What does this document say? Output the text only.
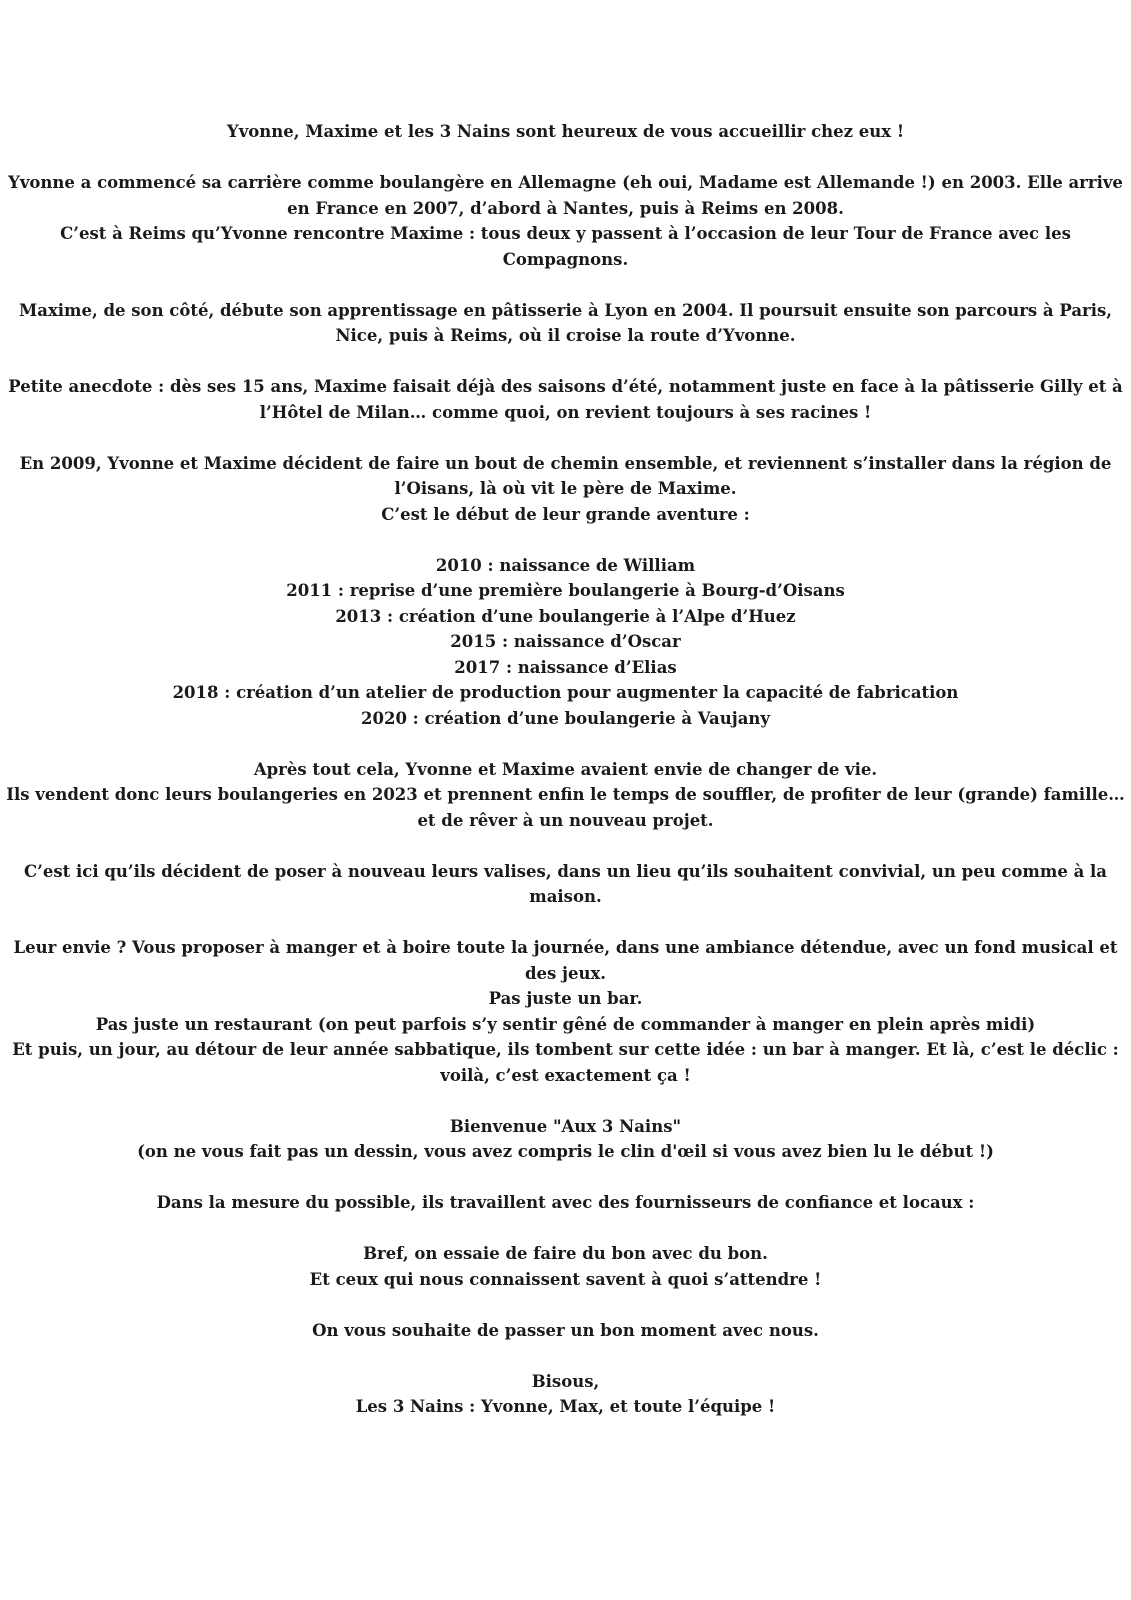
Yvonne, Maxime et les 3 Nains sont heureux de vous accueillir chez eux !

Yvonne a commencé sa carrière comme boulangère en Allemagne (eh oui, Madame est Allemande !) en 2003. Elle arrive en France en 2007, d’abord à Nantes, puis à Reims en 2008.
C’est à Reims qu’Yvonne rencontre Maxime : tous deux y passent à l’occasion de leur Tour de France avec les Compagnons.

Maxime, de son côté, débute son apprentissage en pâtisserie à Lyon en 2004. Il poursuit ensuite son parcours à Paris, Nice, puis à Reims, où il croise la route d’Yvonne.

Petite anecdote : dès ses 15 ans, Maxime faisait déjà des saisons d’été, notamment juste en face à la pâtisserie Gilly et à l’Hôtel de Milan… comme quoi, on revient toujours à ses racines !

En 2009, Yvonne et Maxime décident de faire un bout de chemin ensemble, et reviennent s’installer dans la région de l’Oisans, là où vit le père de Maxime.
C’est le début de leur grande aventure :

2010 : naissance de William
2011 : reprise d’une première boulangerie à Bourg-d’Oisans
2013 : création d’une boulangerie à l’Alpe d’Huez
2015 : naissance d’Oscar
2017 : naissance d’Elias
2018 : création d’un atelier de production pour augmenter la capacité de fabrication
2020 : création d’une boulangerie à Vaujany

Après tout cela, Yvonne et Maxime avaient envie de changer de vie.
Ils vendent donc leurs boulangeries en 2023 et prennent enfin le temps de souffler, de profiter de leur (grande) famille… et de rêver à un nouveau projet.

C’est ici qu’ils décident de poser à nouveau leurs valises, dans un lieu qu’ils souhaitent convivial, un peu comme à la maison.

Leur envie ? Vous proposer à manger et à boire toute la journée, dans une ambiance détendue, avec un fond musical et des jeux.
Pas juste un bar.
Pas juste un restaurant (on peut parfois s’y sentir gêné de commander à manger en plein après midi)
Et puis, un jour, au détour de leur année sabbatique, ils tombent sur cette idée : un bar à manger. Et là, c’est le déclic : voilà, c’est exactement ça !

Bienvenue "Aux 3 Nains"
(on ne vous fait pas un dessin, vous avez compris le clin d'œil si vous avez bien lu le début !)

Dans la mesure du possible, ils travaillent avec des fournisseurs de confiance et locaux :

Bref, on essaie de faire du bon avec du bon.
Et ceux qui nous connaissent savent à quoi s’attendre !

On vous souhaite de passer un bon moment avec nous.

Bisous,
Les 3 Nains : Yvonne, Max, et toute l’équipe !
